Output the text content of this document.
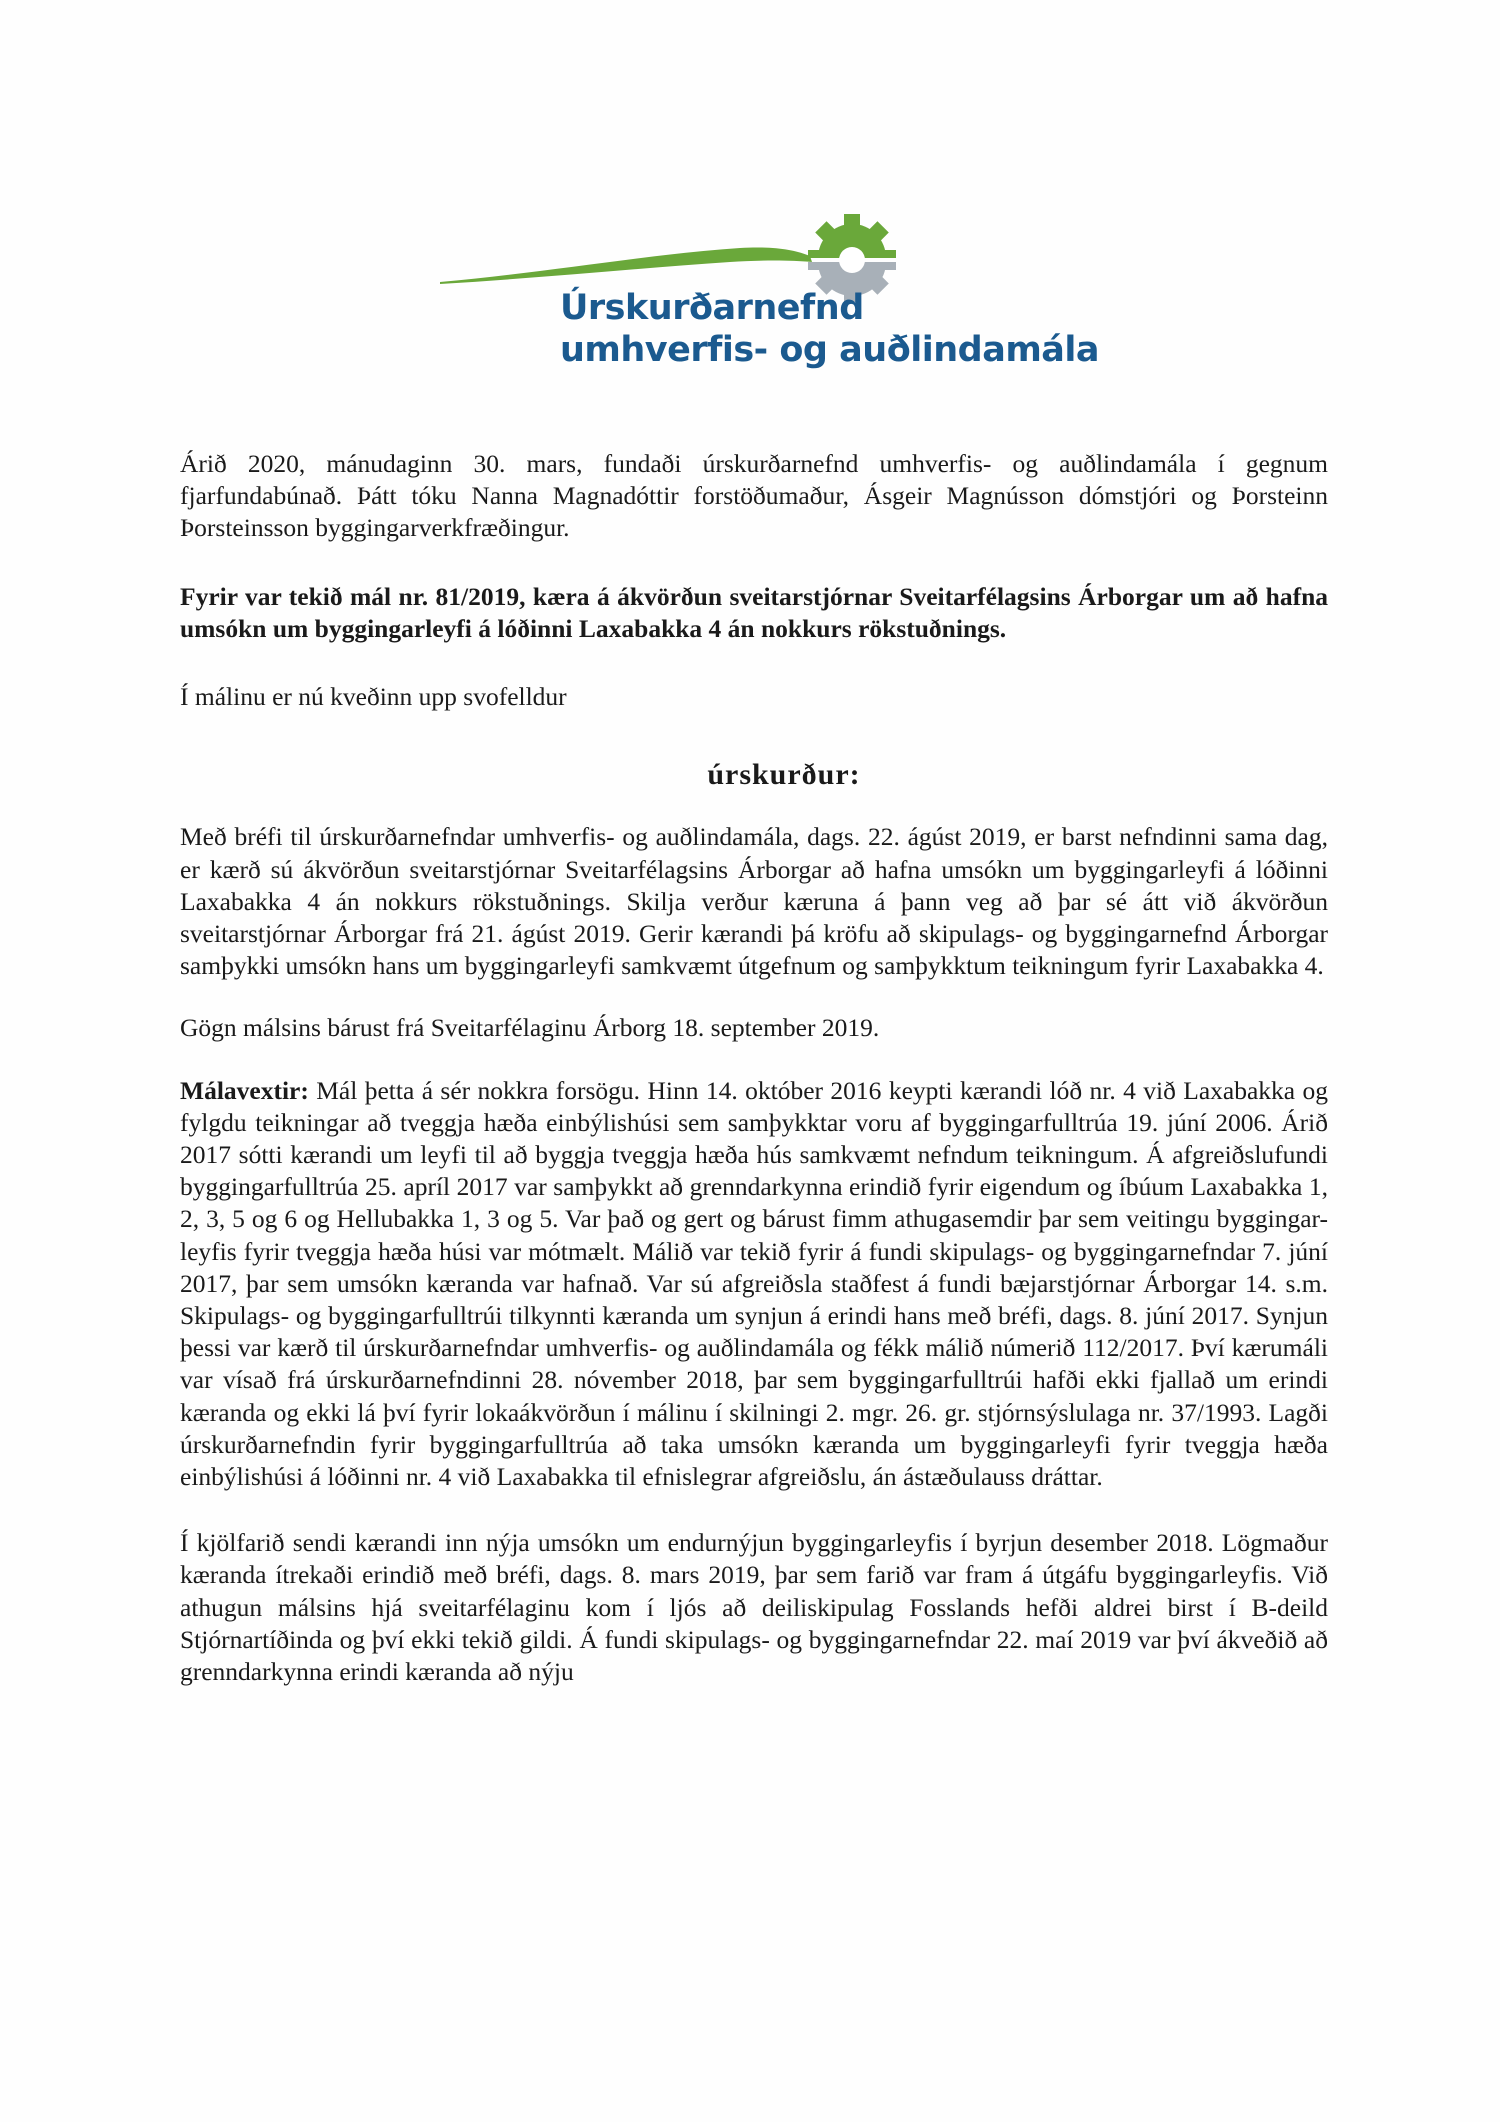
Úrskurðarnefnd
umhverfis- og auðlindamála

Árið 2020, mánudaginn 30. mars, fundaði úrskurðarnefnd umhverfis- og auðlindamála í gegnum fjarfundabúnað. Þátt tóku Nanna Magnadóttir forstöðumaður, Ásgeir Magnússon dómstjóri og Þorsteinn Þorsteinsson byggingarverkfræðingur.

Fyrir var tekið mál nr. 81/2019, kæra á ákvörðun sveitarstjórnar Sveitarfélagsins Árborgar um að hafna umsókn um byggingarleyfi á lóðinni Laxabakka 4 án nokkurs rökstuðnings.

Í málinu er nú kveðinn upp svofelldur

úrskurður:

Með bréfi til úrskurðarnefndar umhverfis- og auðlindamála, dags. 22. ágúst 2019, er barst nefndinni sama dag, er kærð sú ákvörðun sveitarstjórnar Sveitarfélagsins Árborgar að hafna umsókn um byggingarleyfi á lóðinni Laxabakka 4 án nokkurs rökstuðnings. Skilja verður kæruna á þann veg að þar sé átt við ákvörðun sveitarstjórnar Árborgar frá 21. ágúst 2019. Gerir kærandi þá kröfu að skipulags- og byggingarnefnd Árborgar samþykki umsókn hans um byggingarleyfi samkvæmt útgefnum og samþykktum teikningum fyrir Laxabakka 4.

Gögn málsins bárust frá Sveitarfélaginu Árborg 18. september 2019.

Málavextir: Mál þetta á sér nokkra forsögu. Hinn 14. október 2016 keypti kærandi lóð nr. 4 við Laxabakka og fylgdu teikningar að tveggja hæða einbýlishúsi sem samþykktar voru af byggingarfulltrúa 19. júní 2006. Árið 2017 sótti kærandi um leyfi til að byggja tveggja hæða hús samkvæmt nefndum teikningum. Á afgreiðslufundi byggingarfulltrúa 25. apríl 2017 var samþykkt að grenndarkynna erindið fyrir eigendum og íbúum Laxabakka 1, 2, 3, 5 og 6 og Hellubakka 1, 3 og 5. Var það og gert og bárust fimm athugasemdir þar sem veitingu byggingar-leyfis fyrir tveggja hæða húsi var mótmælt. Málið var tekið fyrir á fundi skipulags- og byggingarnefndar 7. júní 2017, þar sem umsókn kæranda var hafnað. Var sú afgreiðsla staðfest á fundi bæjarstjórnar Árborgar 14. s.m. Skipulags- og byggingarfulltrúi tilkynnti kæranda um synjun á erindi hans með bréfi, dags. 8. júní 2017. Synjun þessi var kærð til úrskurðarnefndar umhverfis- og auðlindamála og fékk málið númerið 112/2017. Því kærumáli var vísað frá úrskurðarnefndinni 28. nóvember 2018, þar sem byggingarfulltrúi hafði ekki fjallað um erindi kæranda og ekki lá því fyrir lokaákvörðun í málinu í skilningi 2. mgr. 26. gr. stjórnsýslulaga nr. 37/1993. Lagði úrskurðarnefndin fyrir byggingarfulltrúa að taka umsókn kæranda um byggingarleyfi fyrir tveggja hæða einbýlishúsi á lóðinni nr. 4 við Laxabakka til efnislegrar afgreiðslu, án ástæðulauss dráttar.

Í kjölfarið sendi kærandi inn nýja umsókn um endurnýjun byggingarleyfis í byrjun desember 2018. Lögmaður kæranda ítrekaði erindið með bréfi, dags. 8. mars 2019, þar sem farið var fram á útgáfu byggingarleyfis. Við athugun málsins hjá sveitarfélaginu kom í ljós að deiliskipulag Fosslands hefði aldrei birst í B-deild Stjórnartíðinda og því ekki tekið gildi. Á fundi skipulags- og byggingarnefndar 22. maí 2019 var því ákveðið að grenndarkynna erindi kæranda að nýju
